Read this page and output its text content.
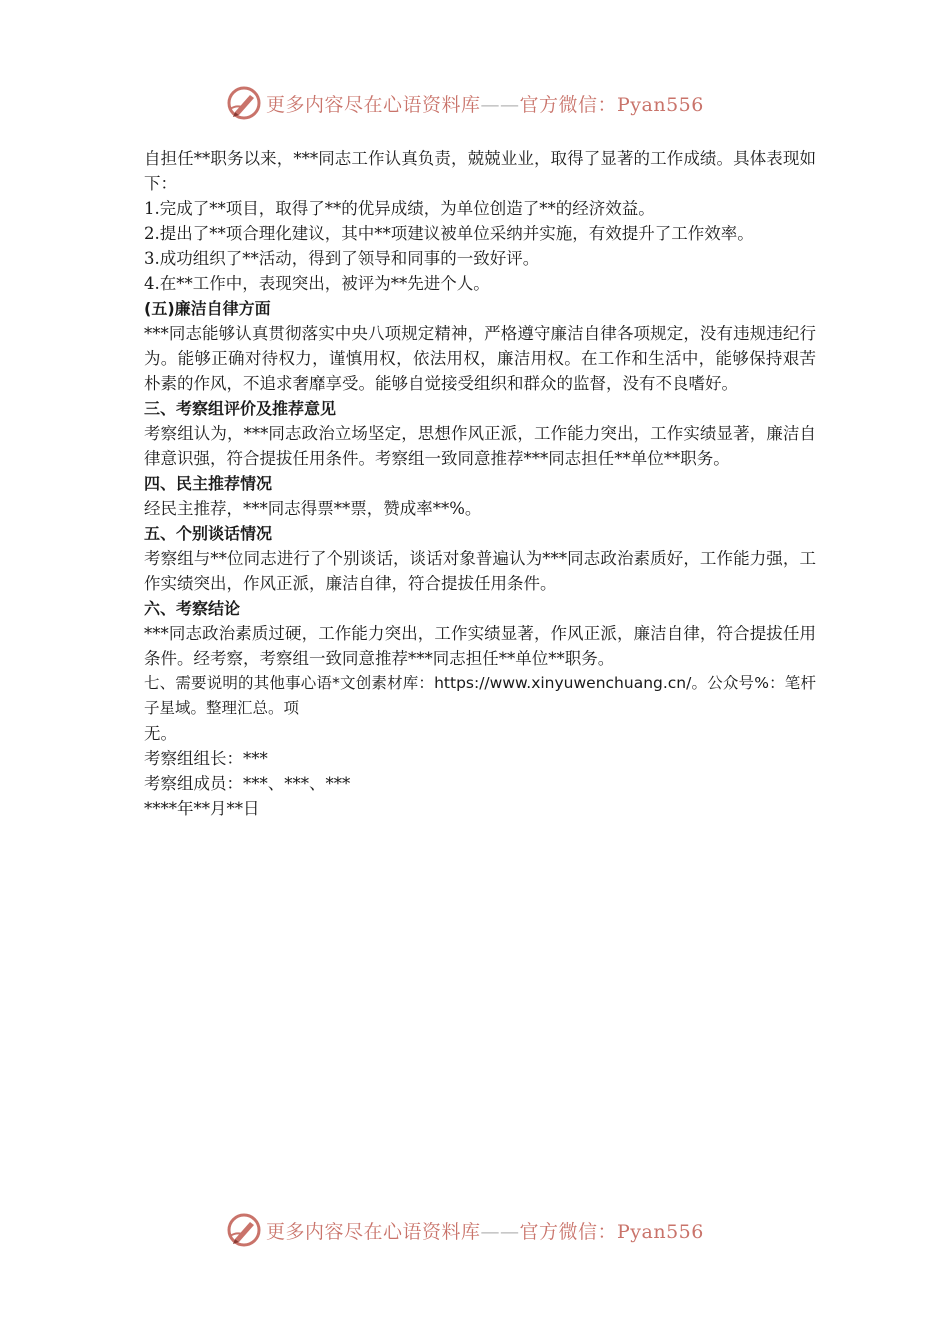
更多内容尽在心语资料库——官方微信：Pyan556

自担任**职务以来，***同志工作认真负责，兢兢业业，取得了显著的工作成绩。具体表现如下：

1.完成了**项目，取得了**的优异成绩，为单位创造了**的经济效益。

2.提出了**项合理化建议，其中**项建议被单位采纳并实施，有效提升了工作效率。

3.成功组织了**活动，得到了领导和同事的一致好评。

4.在**工作中，表现突出，被评为**先进个人。

(五)廉洁自律方面

***同志能够认真贯彻落实中央八项规定精神，严格遵守廉洁自律各项规定，没有违规违纪行为。能够正确对待权力，谨慎用权，依法用权，廉洁用权。在工作和生活中，能够保持艰苦朴素的作风，不追求奢靡享受。能够自觉接受组织和群众的监督，没有不良嗜好。

三、考察组评价及推荐意见

考察组认为，***同志政治立场坚定，思想作风正派，工作能力突出，工作实绩显著，廉洁自律意识强，符合提拔任用条件。考察组一致同意推荐***同志担任**单位**职务。

四、民主推荐情况

经民主推荐，***同志得票**票，赞成率**%。

五、个别谈话情况

考察组与**位同志进行了个别谈话，谈话对象普遍认为***同志政治素质好，工作能力强，工作实绩突出，作风正派，廉洁自律，符合提拔任用条件。

六、考察结论

***同志政治素质过硬，工作能力突出，工作实绩显著，作风正派，廉洁自律，符合提拔任用条件。经考察，考察组一致同意推荐***同志担任**单位**职务。

七、需要说明的其他事心语*文创素材库：https://www.xinyuwenchuang.cn/。公众号%：笔杆子星域。整理汇总。项

无。

考察组组长：***

考察组成员：***、***、***

****年**月**日

更多内容尽在心语资料库——官方微信：Pyan556
